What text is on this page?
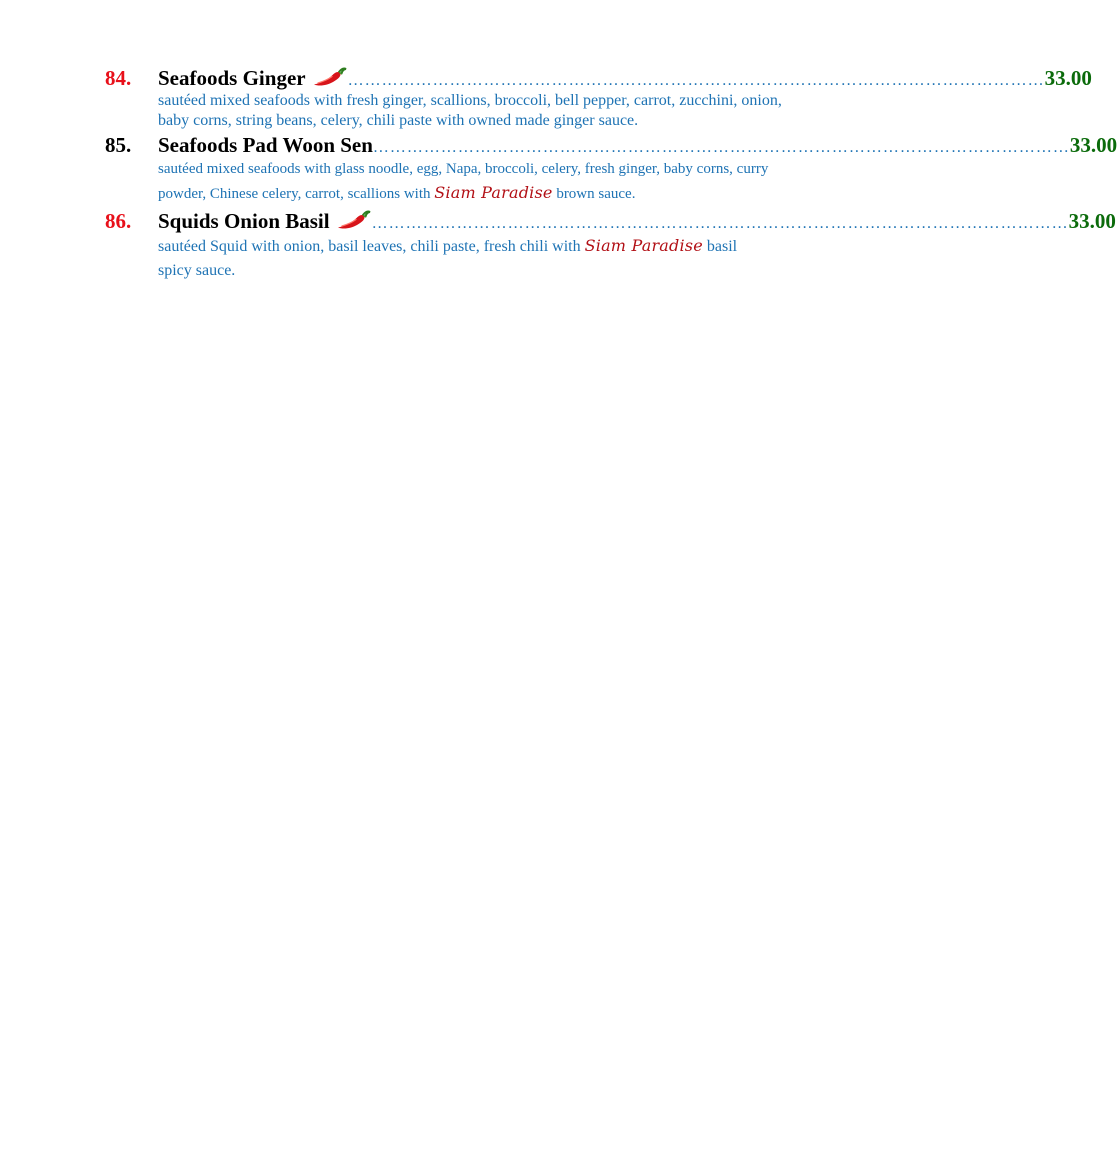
84. Seafoods Ginger	…………………………………………………………………………………………………………… 33.00
sautéed mixed seafoods with fresh ginger, scallions, broccoli, bell pepper, carrot, zucchini, onion, baby corns, string beans, celery, chili paste with owned made ginger sauce.
85. Seafoods Pad Woon Sen …………………………………………………………………………………………………………… 33.00
sautéed mixed seafoods with glass noodle, egg, Napa, broccoli, celery, fresh ginger, baby corns, curry powder, Chinese celery, carrot, scallions with Siam Paradise brown sauce.
86. Squids Onion Basil	…………………………………………………………………………………………………………… 33.00
sautéed Squid with onion, basil leaves, chili paste, fresh chili with Siam Paradise basil spicy sauce.
